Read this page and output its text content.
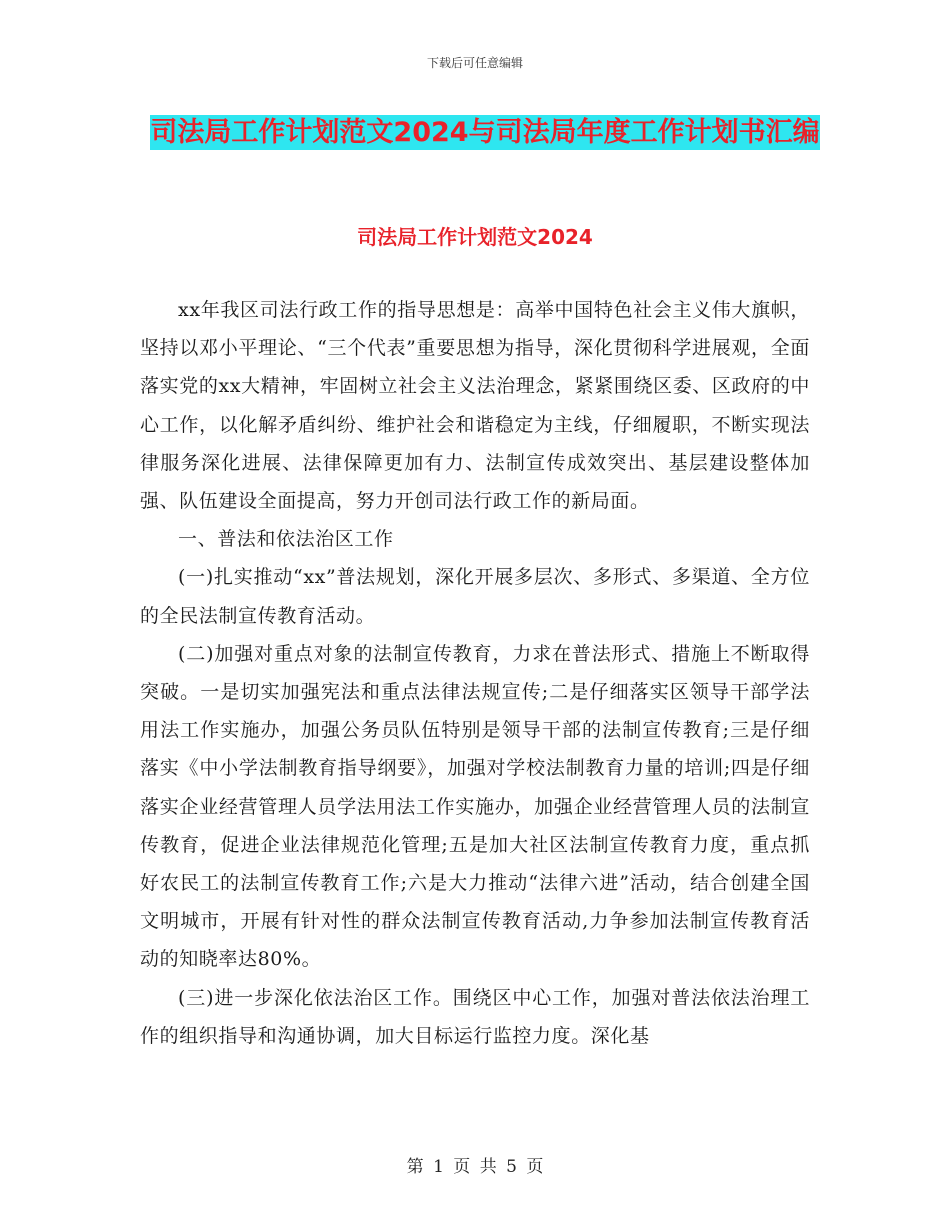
下载后可任意编辑
司法局工作计划范文2024与司法局年度工作计划书汇编
司法局工作计划范文2024

xx年我区司法行政工作的指导思想是：高举中国特色社会主义伟大旗帜，坚持以邓小平理论、“三个代表”重要思想为指导，深化贯彻科学进展观，全面落实党的xx大精神，牢固树立社会主义法治理念，紧紧围绕区委、区政府的中心工作，以化解矛盾纠纷、维护社会和谐稳定为主线，仔细履职，不断实现法律服务深化进展、法律保障更加有力、法制宣传成效突出、基层建设整体加强、队伍建设全面提高，努力开创司法行政工作的新局面。

一、普法和依法治区工作

(一)扎实推动“xx”普法规划，深化开展多层次、多形式、多渠道、全方位的全民法制宣传教育活动。

(二)加强对重点对象的法制宣传教育，力求在普法形式、措施上不断取得突破。一是切实加强宪法和重点法律法规宣传;二是仔细落实区领导干部学法用法工作实施办，加强公务员队伍特别是领导干部的法制宣传教育;三是仔细落实《中小学法制教育指导纲要》，加强对学校法制教育力量的培训;四是仔细落实企业经营管理人员学法用法工作实施办，加强企业经营管理人员的法制宣传教育，促进企业法律规范化管理;五是加大社区法制宣传教育力度，重点抓好农民工的法制宣传教育工作;六是大力推动“法律六进”活动，结合创建全国文明城市，开展有针对性的群众法制宣传教育活动,力争参加法制宣传教育活动的知晓率达80%。

(三)进一步深化依法治区工作。围绕区中心工作，加强对普法依法治理工作的组织指导和沟通协调，加大目标运行监控力度。深化基

第 1 页 共 5 页
